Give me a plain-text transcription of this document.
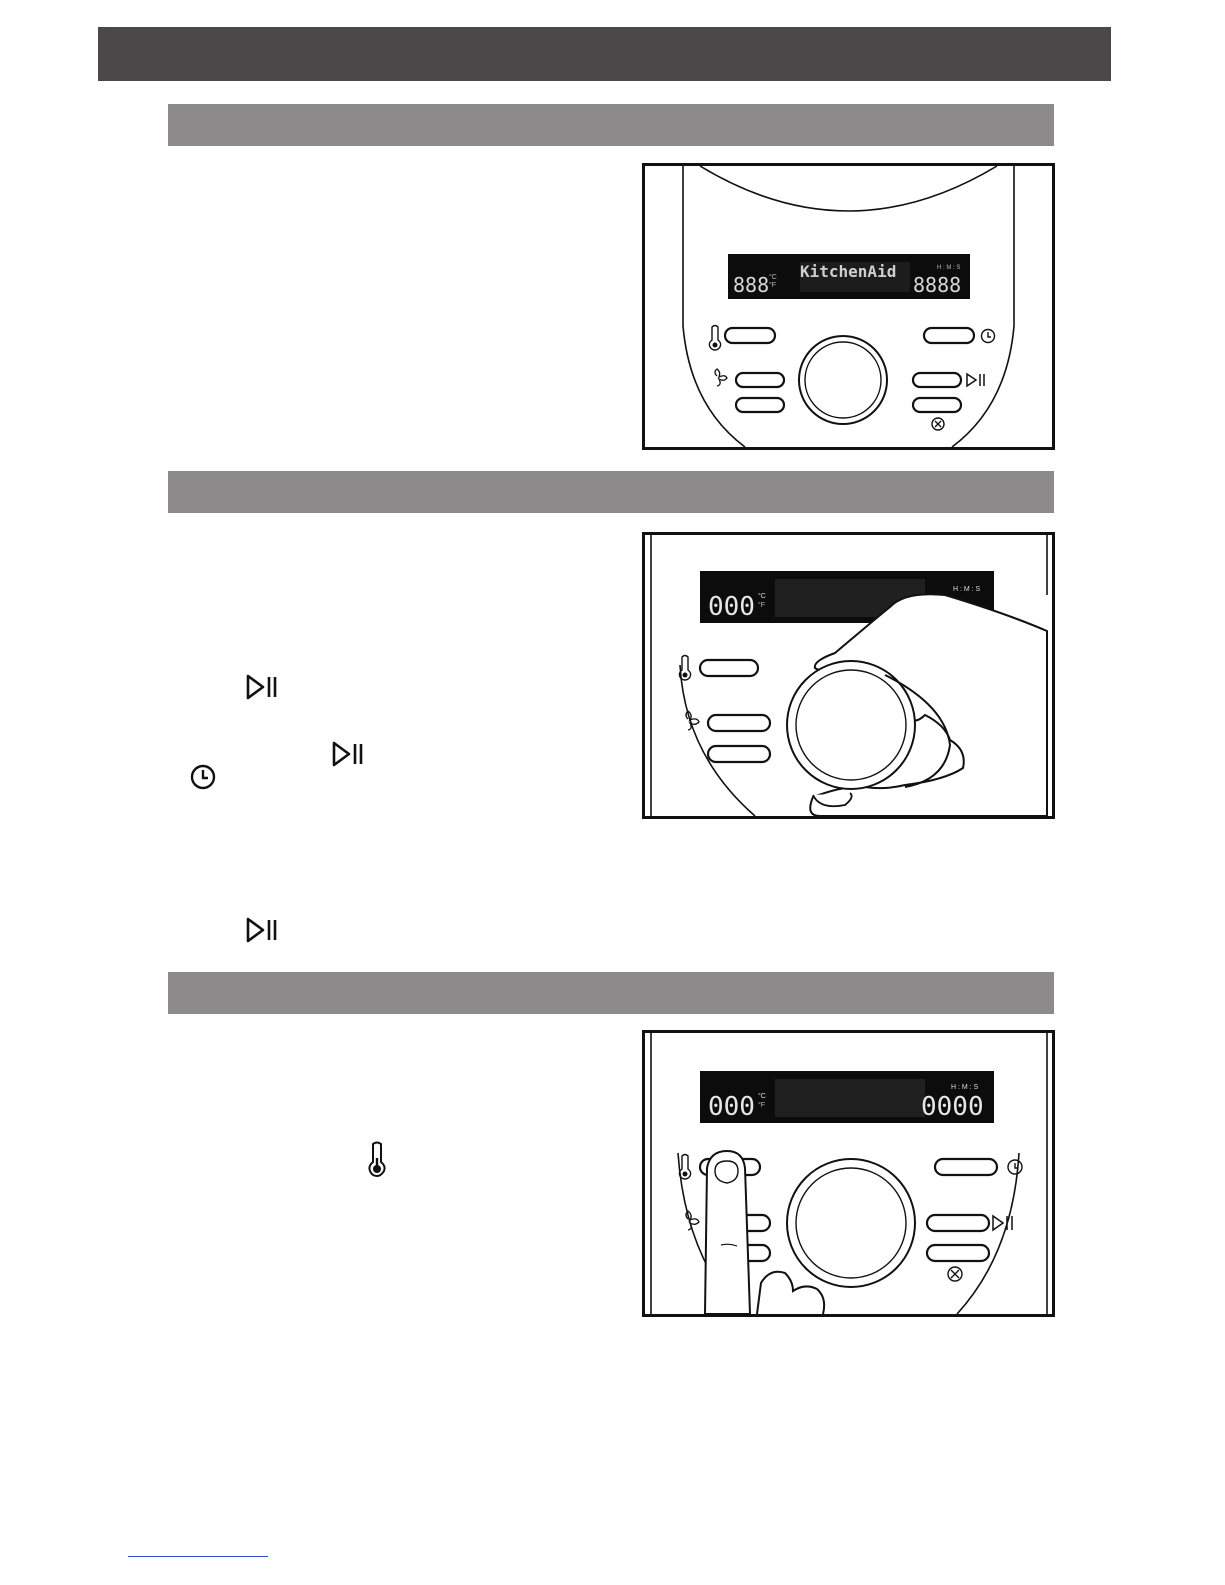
KitchenAid
888 °C
°F
H : M : S
8888
000 °C
°F
H : M : S
000 °C
°F
H : M : S
0000
